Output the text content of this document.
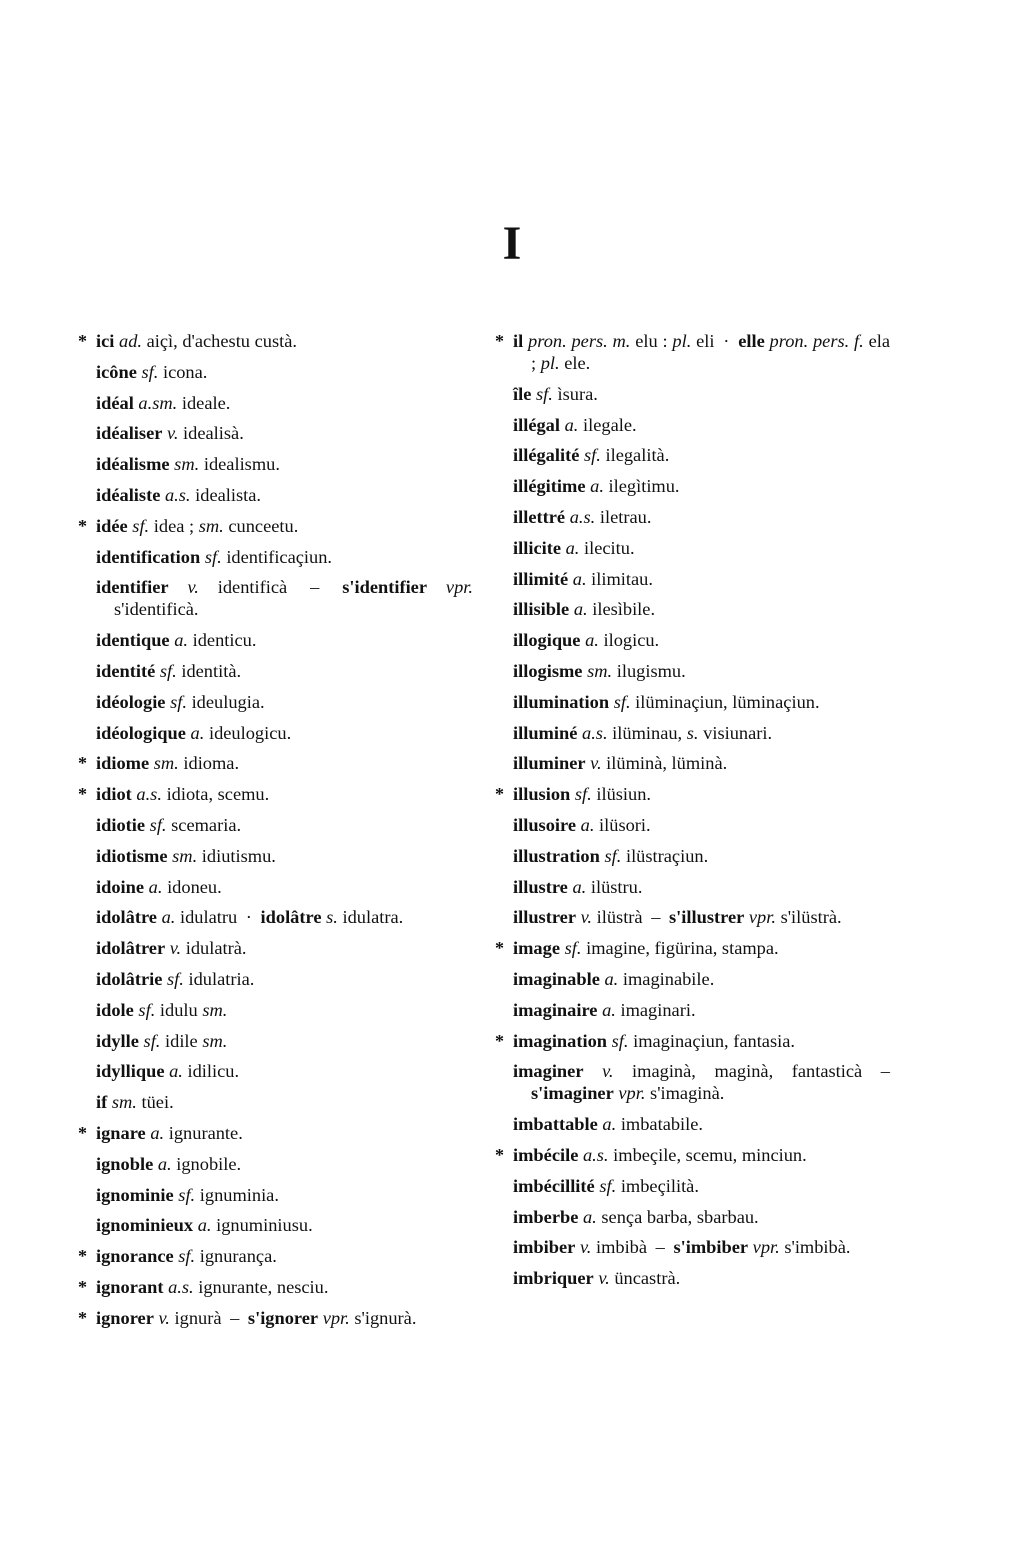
I
* ici ad. aiçì, d'achestu custà.
icône sf. icona.
idéal a.sm. ideale.
idéaliser v. idealisà.
idéalisme sm. idealismu.
idéaliste a.s. idealista.
* idée sf. idea ; sm. cunceetu.
identification sf. identificaçiun.
identifier v. identificà – s'identifier vpr. s'identificà.
identique a. identicu.
identité sf. identità.
idéologie sf. ideulugia.
idéologique a. ideulogicu.
* idiome sm. idioma.
* idiot a.s. idiota, scemu.
idiotie sf. scemaria.
idiotisme sm. idiutismu.
idoine a. idoneu.
idolâtre a. idulatru · idolâtre s. idulatra.
idolâtrer v. idulatrà.
idolâtrie sf. idulatria.
idole sf. idulu sm.
idylle sf. idile sm.
idyllique a. idilicu.
if sm. tüei.
* ignare a. ignurante.
ignoble a. ignobile.
ignominie sf. ignuminia.
ignominieux a. ignuminiusu.
* ignorance sf. ignurança.
* ignorant a.s. ignurante, nesciu.
* ignorer v. ignurà – s'ignorer vpr. s'ignurà.
* il pron. pers. m. elu : pl. eli · elle pron. pers. f. ela ; pl. ele.
île sf. ìsura.
illégal a. ilegale.
illégalité sf. ilegalità.
illégitime a. ilegìtimu.
illettré a.s. iletrau.
illicite a. ilecitu.
illimité a. ilimitau.
illisible a. ilesìbile.
illogique a. ilogicu.
illogisme sm. ilugismu.
illumination sf. ilüminaçiun, lüminaçiun.
illuminé a.s. ilüminau, s. visiunari.
illuminer v. ilüminà, lüminà.
* illusion sf. ilüsiun.
illusoire a. ilüsori.
illustration sf. ilüstraçiun.
illustre a. ilüstru.
illustrer v. ilüstrà – s'illustrer vpr. s'ilüstrà.
* image sf. imagine, figürina, stampa.
imaginable a. imaginabile.
imaginaire a. imaginari.
* imagination sf. imaginaçiun, fantasia.
imaginer v. imaginà, maginà, fantasticà – s'imaginer vpr. s'imaginà.
imbattable a. imbatabile.
* imbécile a.s. imbeçile, scemu, minciun.
imbécillité sf. imbeçilità.
imberbe a. sença barba, sbarbau.
imbiber v. imbibà – s'imbiber vpr. s'imbibà.
imbriquer v. üncastrà.
